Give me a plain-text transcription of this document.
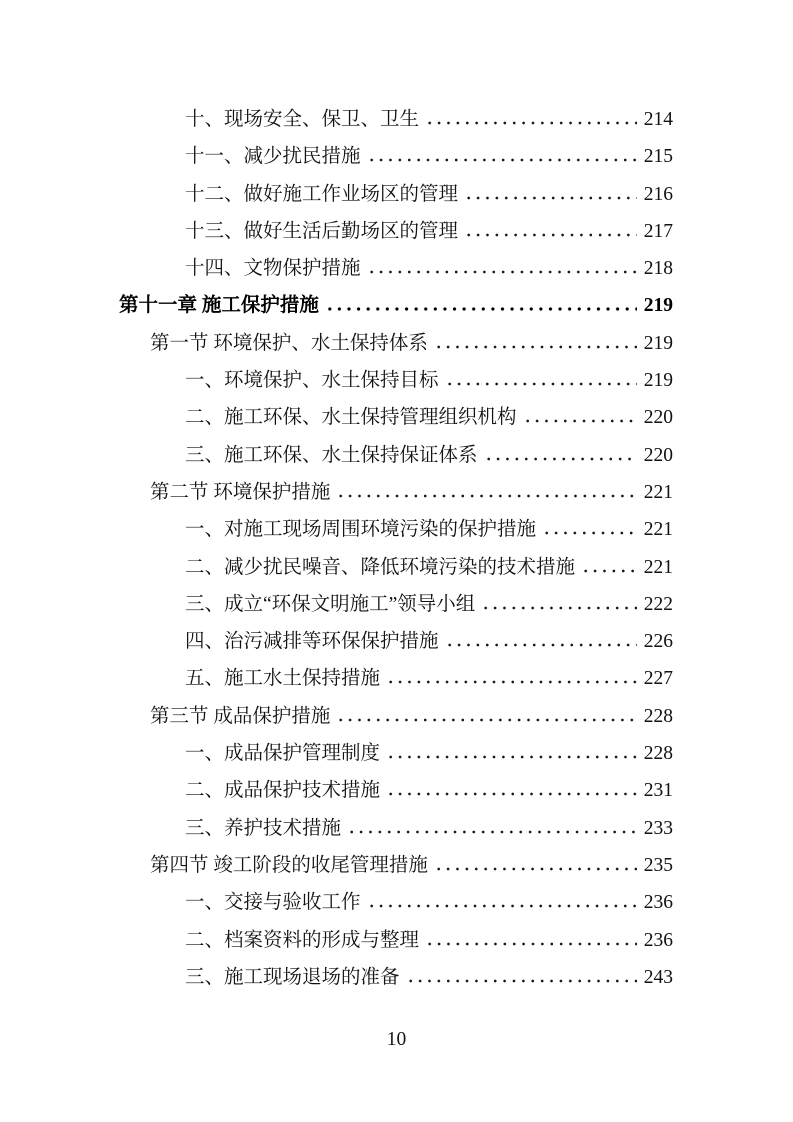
十、现场安全、保卫、卫生	214
十一、减少扰民措施	215
十二、做好施工作业场区的管理	216
十三、做好生活后勤场区的管理	217
十四、文物保护措施	218
第十一章 施工保护措施	219
第一节 环境保护、水土保持体系	219
一、环境保护、水土保持目标	219
二、施工环保、水土保持管理组织机构	220
三、施工环保、水土保持保证体系	220
第二节 环境保护措施	221
一、对施工现场周围环境污染的保护措施	221
二、减少扰民噪音、降低环境污染的技术措施	221
三、成立“环保文明施工”领导小组	222
四、治污减排等环保保护措施	226
五、施工水土保持措施	227
第三节 成品保护措施	228
一、成品保护管理制度	228
二、成品保护技术措施	231
三、养护技术措施	233
第四节 竣工阶段的收尾管理措施	235
一、交接与验收工作	236
二、档案资料的形成与整理	236
三、施工现场退场的准备	243
10
